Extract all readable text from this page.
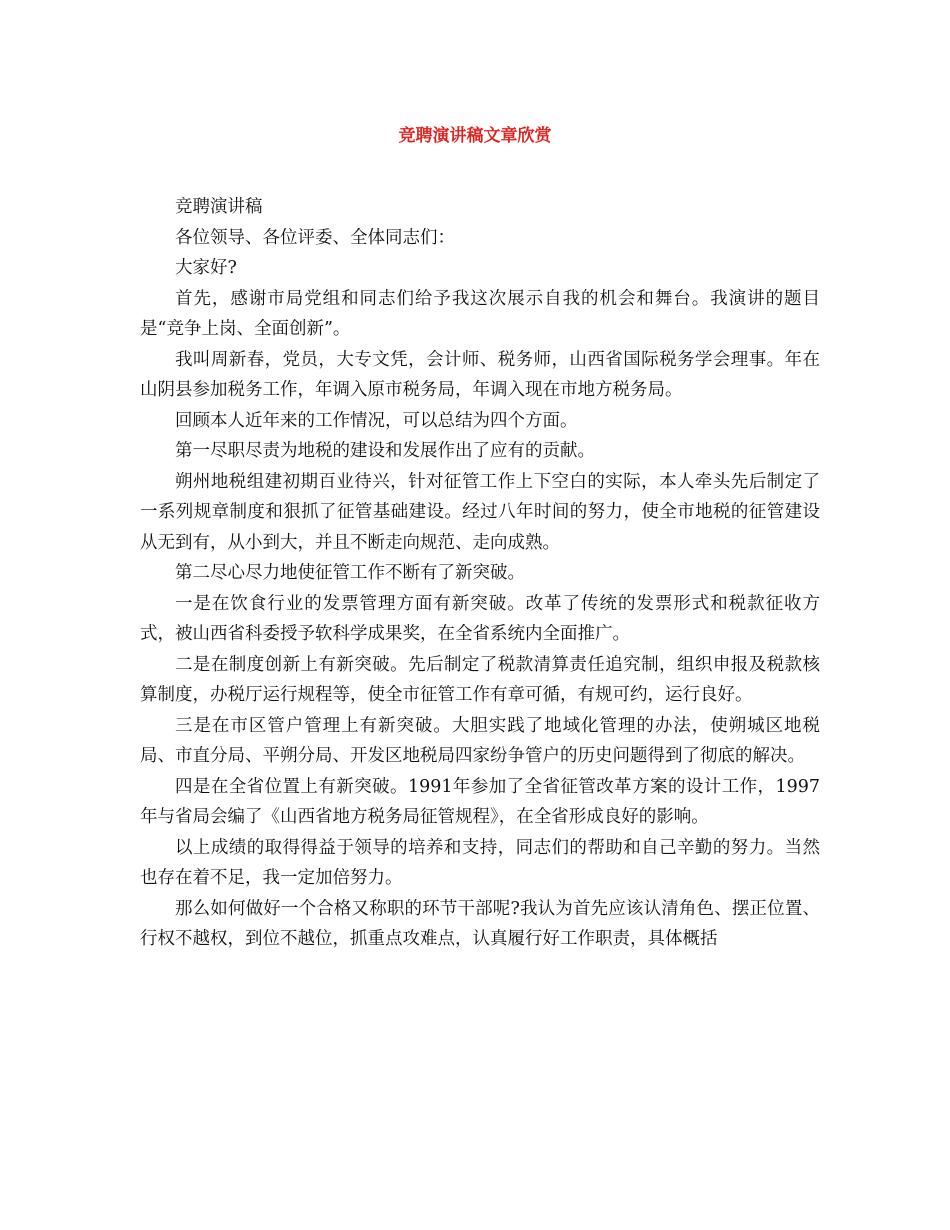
竞聘演讲稿文章欣赏

竞聘演讲稿

各位领导、各位评委、全体同志们：

大家好?

首先，感谢市局党组和同志们给予我这次展示自我的机会和舞台。我演讲的题目是“竞争上岗、全面创新”。

我叫周新春，党员，大专文凭，会计师、税务师，山西省国际税务学会理事。年在山阴县参加税务工作，年调入原市税务局，年调入现在市地方税务局。

回顾本人近年来的工作情况，可以总结为四个方面。

第一尽职尽责为地税的建设和发展作出了应有的贡献。

朔州地税组建初期百业待兴，针对征管工作上下空白的实际，本人牵头先后制定了一系列规章制度和狠抓了征管基础建设。经过八年时间的努力，使全市地税的征管建设从无到有，从小到大，并且不断走向规范、走向成熟。

第二尽心尽力地使征管工作不断有了新突破。

一是在饮食行业的发票管理方面有新突破。改革了传统的发票形式和税款征收方式，被山西省科委授予软科学成果奖，在全省系统内全面推广。

二是在制度创新上有新突破。先后制定了税款清算责任追究制，组织申报及税款核算制度，办税厅运行规程等，使全市征管工作有章可循，有规可约，运行良好。

三是在市区管户管理上有新突破。大胆实践了地域化管理的办法，使朔城区地税局、市直分局、平朔分局、开发区地税局四家纷争管户的历史问题得到了彻底的解决。

四是在全省位置上有新突破。1991年参加了全省征管改革方案的设计工作，1997年与省局会编了《山西省地方税务局征管规程》，在全省形成良好的影响。

以上成绩的取得得益于领导的培养和支持，同志们的帮助和自己辛勤的努力。当然也存在着不足，我一定加倍努力。

那么如何做好一个合格又称职的环节干部呢?我认为首先应该认清角色、摆正位置、行权不越权，到位不越位，抓重点攻难点，认真履行好工作职责，具体概括
